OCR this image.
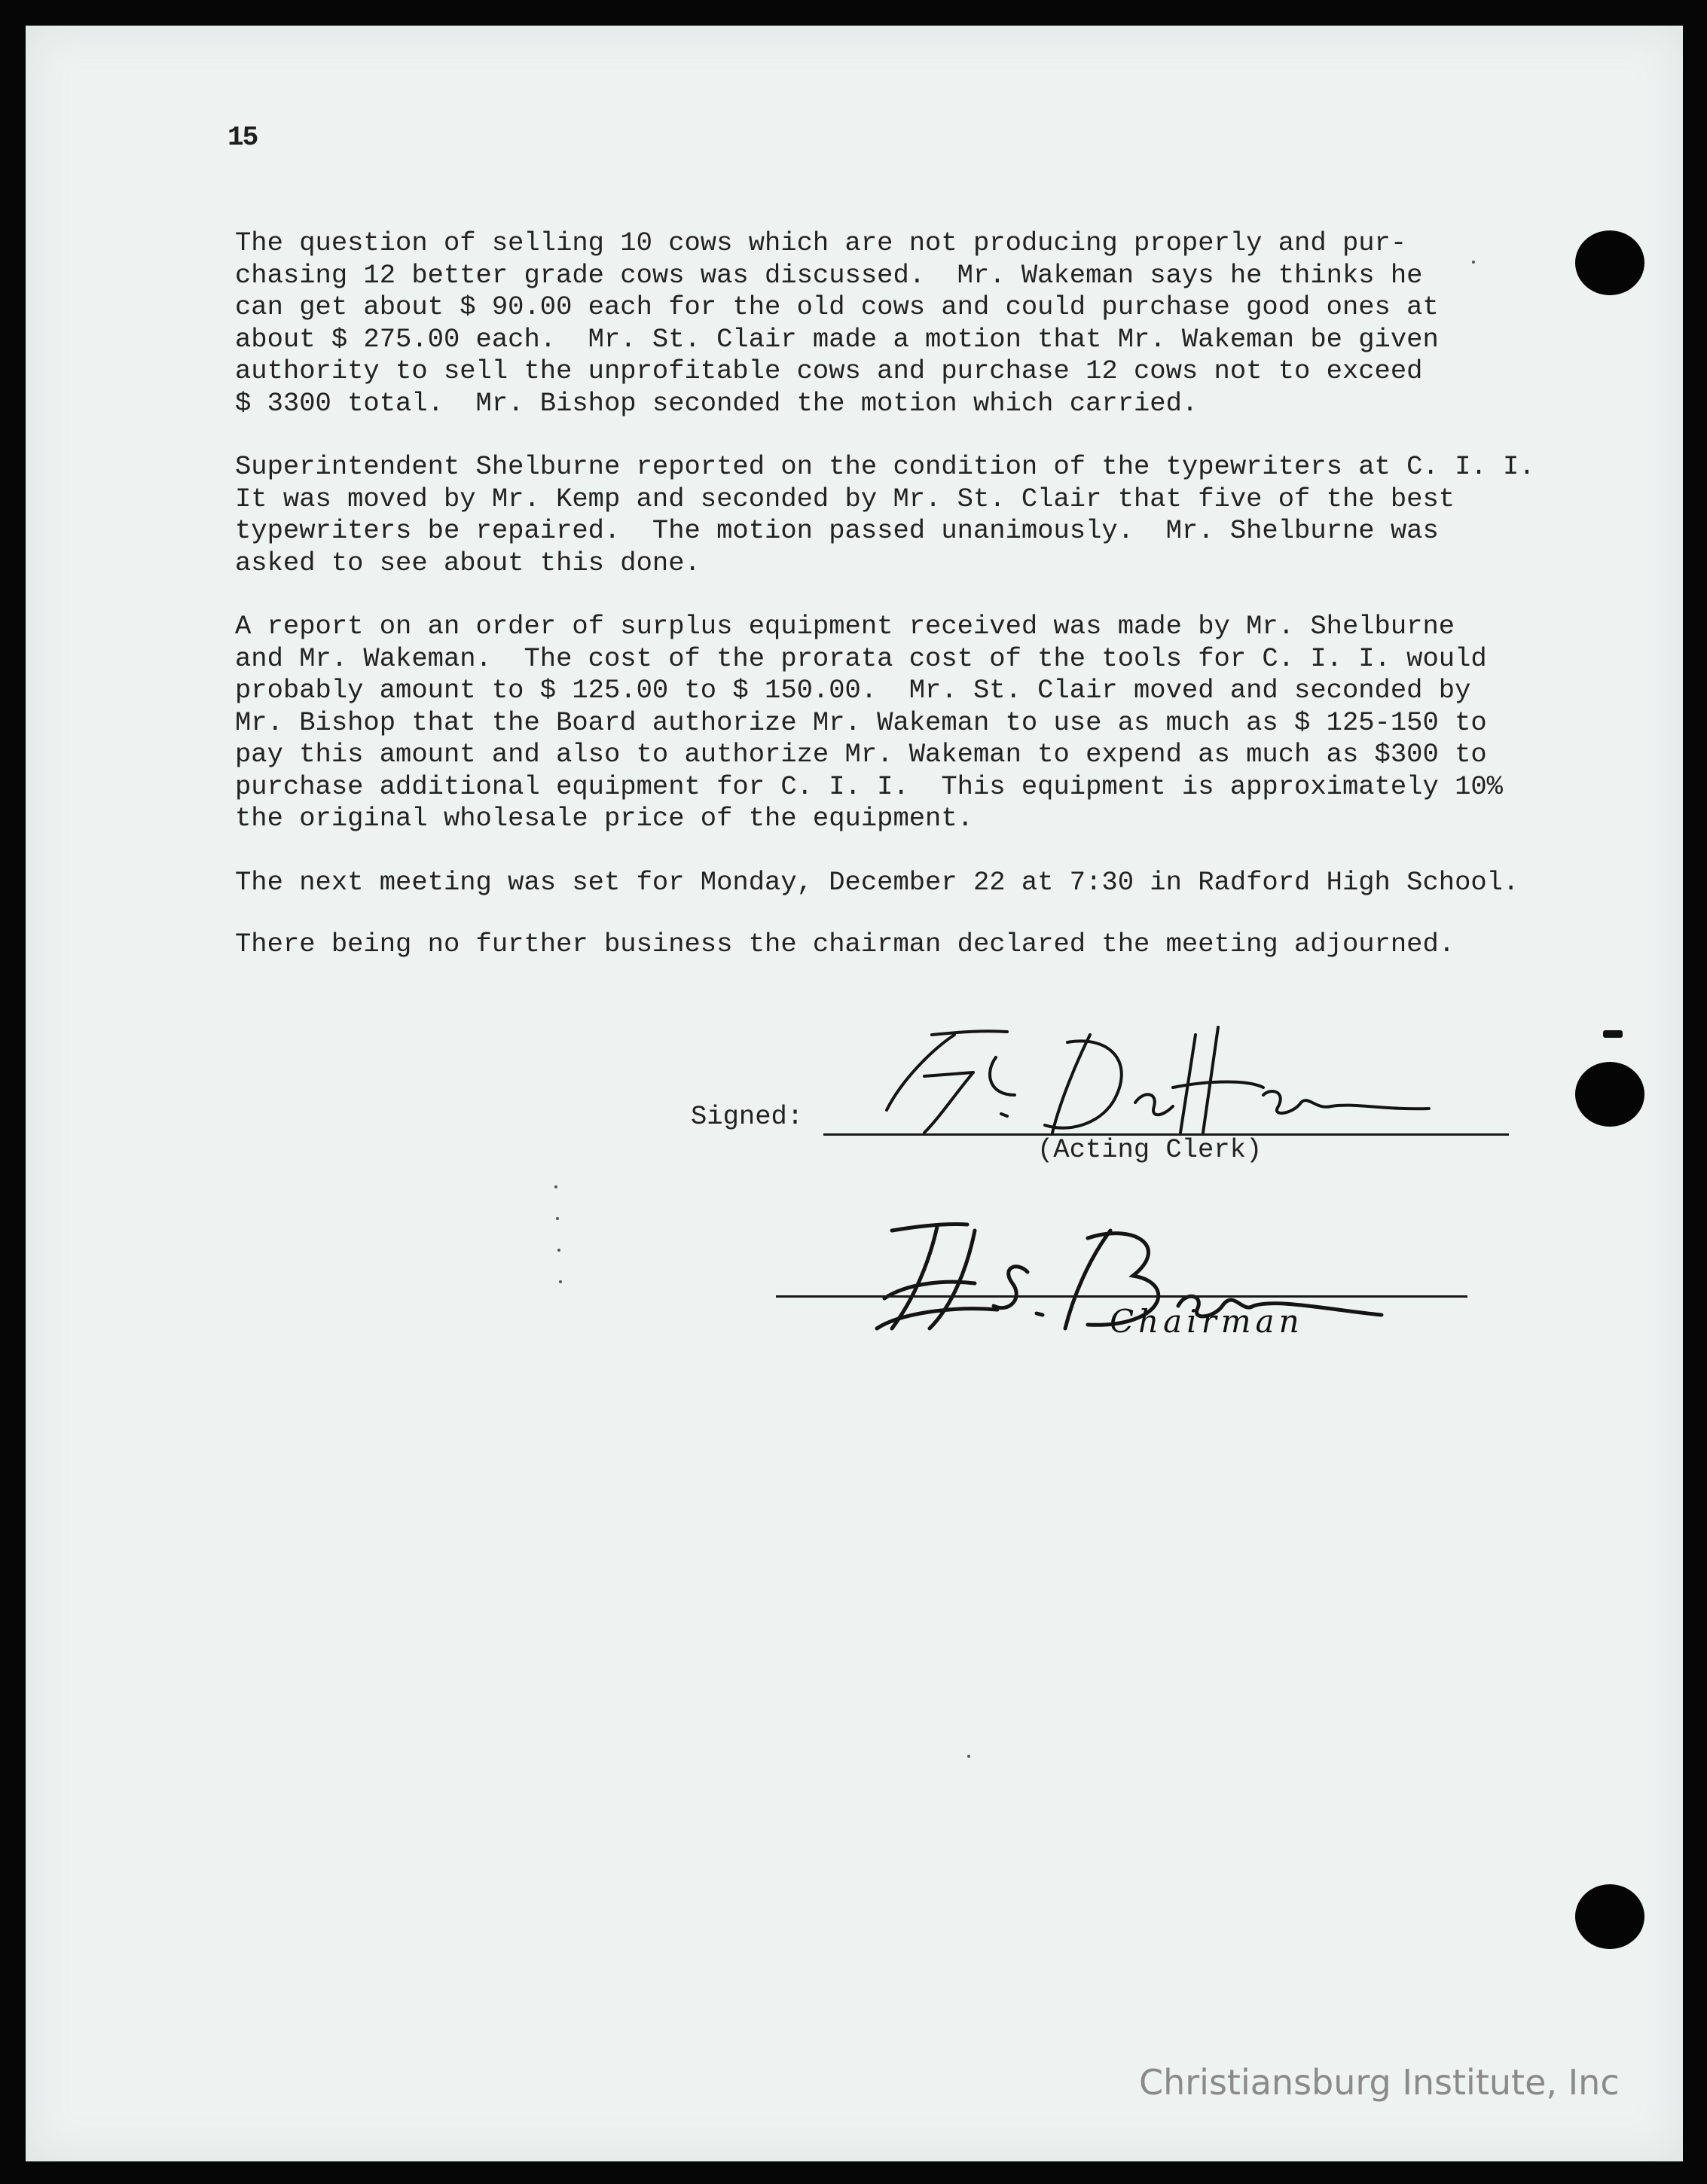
15

The question of selling 10 cows which are not producing properly and pur-
chasing 12 better grade cows was discussed.  Mr. Wakeman says he thinks he
can get about $ 90.00 each for the old cows and could purchase good ones at
about $ 275.00 each.  Mr. St. Clair made a motion that Mr. Wakeman be given
authority to sell the unprofitable cows and purchase 12 cows not to exceed
$ 3300 total.  Mr. Bishop seconded the motion which carried.

Superintendent Shelburne reported on the condition of the typewriters at C. I. I.
It was moved by Mr. Kemp and seconded by Mr. St. Clair that five of the best
typewriters be repaired.  The motion passed unanimously.  Mr. Shelburne was
asked to see about this done.

A report on an order of surplus equipment received was made by Mr. Shelburne
and Mr. Wakeman.  The cost of the prorata cost of the tools for C. I. I. would
probably amount to $ 125.00 to $ 150.00.  Mr. St. Clair moved and seconded by
Mr. Bishop that the Board authorize Mr. Wakeman to use as much as $ 125-150 to
pay this amount and also to authorize Mr. Wakeman to expend as much as $300 to
purchase additional equipment for C. I. I.  This equipment is approximately 10%
the original wholesale price of the equipment.

The next meeting was set for Monday, December 22 at 7:30 in Radford High School.

There being no further business the chairman declared the meeting adjourned.

Signed:
(Acting Clerk)
Chairman
Christiansburg Institute, Inc
